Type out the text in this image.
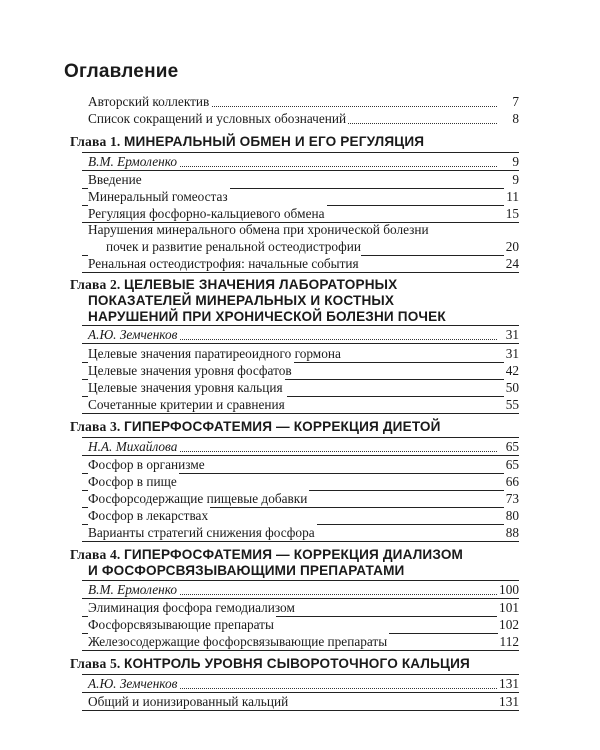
Оглавление
Авторский коллектив	7
Список сокращений и условных обозначений	8
Глава 1. МИНЕРАЛЬНЫЙ ОБМЕН И ЕГО РЕГУЛЯЦИЯ
В.М. Ермоленко	9
Введение	9
Минеральный гомеостаз	11
Регуляция фосфорно-кальциевого обмена	15
Нарушения минерального обмена при хронической болезни
почек и развитие ренальной остеодистрофии	20
Ренальная остеодистрофия: начальные события	24
Глава 2. ЦЕЛЕВЫЕ ЗНАЧЕНИЯ ЛАБОРАТОРНЫХ
ПОКАЗАТЕЛЕЙ МИНЕРАЛЬНЫХ И КОСТНЫХ
НАРУШЕНИЙ ПРИ ХРОНИЧЕСКОЙ БОЛЕЗНИ ПОЧЕК
А.Ю. Земченков	31
Целевые значения паратиреоидного гормона	31
Целевые значения уровня фосфатов	42
Целевые значения уровня кальция	50
Сочетанные критерии и сравнения	55
Глава 3. ГИПЕРФОСФАТЕМИЯ — КОРРЕКЦИЯ ДИЕТОЙ
Н.А. Михайлова	65
Фосфор в организме	65
Фосфор в пище	66
Фосфорсодержащие пищевые добавки	73
Фосфор в лекарствах	80
Варианты стратегий снижения фосфора	88
Глава 4. ГИПЕРФОСФАТЕМИЯ — КОРРЕКЦИЯ ДИАЛИЗОМ
И ФОСФОРСВЯЗЫВАЮЩИМИ ПРЕПАРАТАМИ
В.М. Ермоленко	100
Элиминация фосфора гемодиализом	101
Фосфорсвязывающие препараты	102
Железосодержащие фосфорсвязывающие препараты	112
Глава 5. КОНТРОЛЬ УРОВНЯ СЫВОРОТОЧНОГО КАЛЬЦИЯ
А.Ю. Земченков	131
Общий и ионизированный кальций	131
